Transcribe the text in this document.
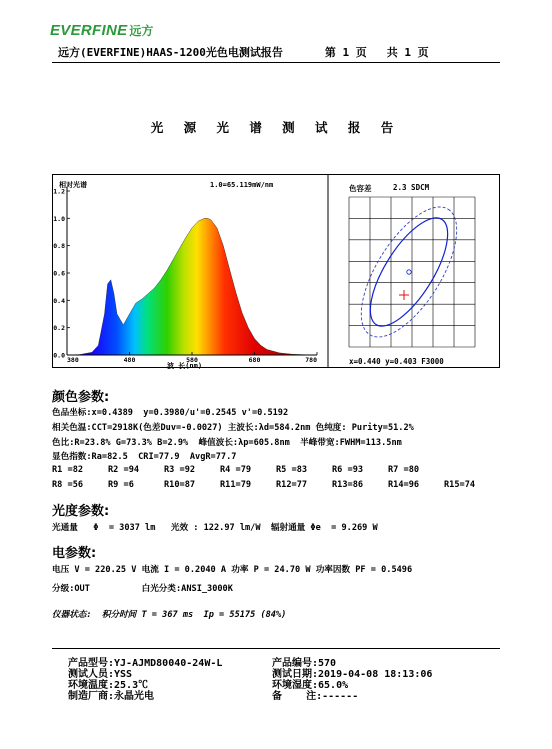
EVERFINE 远方
远方(EVERFINE)HAAS-1200光色电测试报告	第 1 页 共 1 页
光 源 光 谱 测 试 报 告
0.0
0.2
0.4
0.6
0.8
1.0
1.2
380	480	580	680	780
相对光谱	1.0=65.119mW/nm
波 长(nm)
色容差	2.3 SDCM
x=0.440 y=0.403 F3000
颜色参数:
色品坐标:x=0.4389  y=0.3980/u'=0.2545 v'=0.5192
相关色温:CCT=2918K(色差Duv=-0.0027) 主波长:λd=584.2nm 色纯度: Purity=51.2%
色比:R=23.8% G=73.3% B=2.9%  峰值波长:λp=605.8nm  半峰带宽:FWHM=113.5nm
显色指数:Ra=82.5  CRI=77.9  AvgR=77.7
R1 =82	R2 =94	R3 =92	R4 =79	R5 =83	R6 =93	R7 =80
R8 =56	R9 =6	R10=87	R11=79	R12=77	R13=86	R14=96	R15=74
光度参数:
光通量   Φ  = 3037 lm   光效 : 122.97 lm/W  辐射通量 Φe  = 9.269 W
电参数:
电压 V = 220.25 V 电流 I = 0.2040 A 功率 P = 24.70 W 功率因数 PF = 0.5496
分级:OUT          白光分类:ANSI_3000K
仪器状态:  积分时间 T = 367 ms  Ip = 55175 (84%)
产品型号:YJ-AJMD80040-24W-L	产品编号:570
测试人员:YSS	测试日期:2019-04-08 18:13:06
环境温度:25.3℃	环境湿度:65.0%
制造厂商:永晶光电	备    注:------
